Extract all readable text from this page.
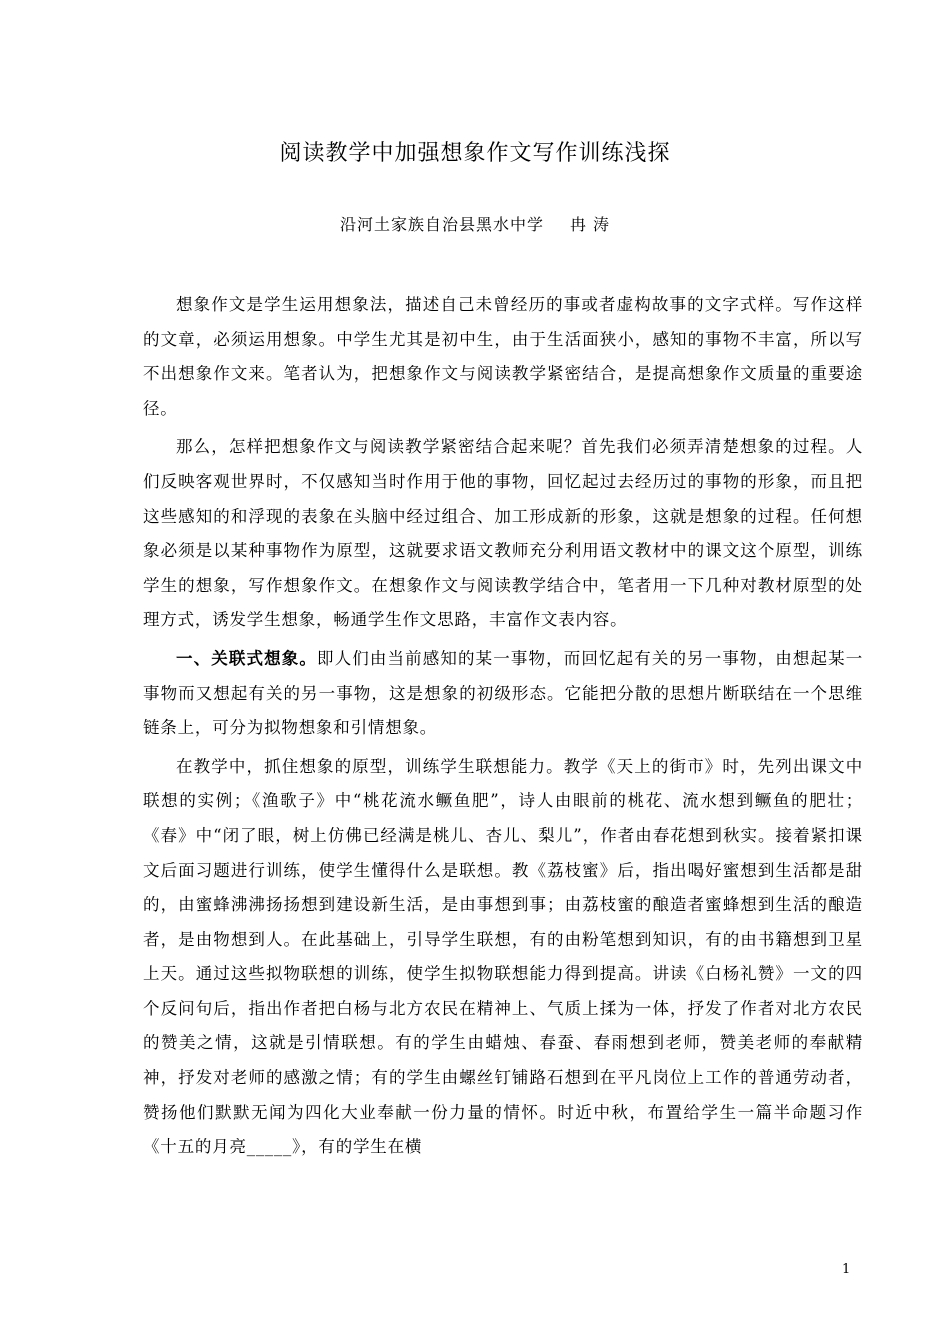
阅读教学中加强想象作文写作训练浅探
沿河土家族自治县黑水中学 冉 涛

想象作文是学生运用想象法，描述自己未曾经历的事或者虚构故事的文字式样。写作这样的文章，必须运用想象。中学生尤其是初中生，由于生活面狭小，感知的事物不丰富，所以写不出想象作文来。笔者认为，把想象作文与阅读教学紧密结合，是提高想象作文质量的重要途径。

那么，怎样把想象作文与阅读教学紧密结合起来呢？首先我们必须弄清楚想象的过程。人们反映客观世界时，不仅感知当时作用于他的事物，回忆起过去经历过的事物的形象，而且把这些感知的和浮现的表象在头脑中经过组合、加工形成新的形象，这就是想象的过程。任何想象必须是以某种事物作为原型，这就要求语文教师充分利用语文教材中的课文这个原型，训练学生的想象，写作想象作文。在想象作文与阅读教学结合中，笔者用一下几种对教材原型的处理方式，诱发学生想象，畅通学生作文思路，丰富作文表内容。

一、关联式想象。即人们由当前感知的某一事物，而回忆起有关的另一事物，由想起某一事物而又想起有关的另一事物，这是想象的初级形态。它能把分散的思想片断联结在一个思维链条上，可分为拟物想象和引情想象。

在教学中，抓住想象的原型，训练学生联想能力。教学《天上的街市》时，先列出课文中联想的实例；《渔歌子》中“桃花流水鳜鱼肥”，诗人由眼前的桃花、流水想到鳜鱼的肥壮；《春》中“闭了眼，树上仿佛已经满是桃儿、杏儿、梨儿”，作者由春花想到秋实。接着紧扣课文后面习题进行训练，使学生懂得什么是联想。教《荔枝蜜》后，指出喝好蜜想到生活都是甜的，由蜜蜂沸沸扬扬想到建设新生活，是由事想到事；由荔枝蜜的酿造者蜜蜂想到生活的酿造者，是由物想到人。在此基础上，引导学生联想，有的由粉笔想到知识，有的由书籍想到卫星上天。通过这些拟物联想的训练，使学生拟物联想能力得到提高。讲读《白杨礼赞》一文的四个反问句后，指出作者把白杨与北方农民在精神上、气质上揉为一体，抒发了作者对北方农民的赞美之情，这就是引情联想。有的学生由蜡烛、春蚕、春雨想到老师，赞美老师的奉献精神，抒发对老师的感激之情；有的学生由螺丝钉铺路石想到在平凡岗位上工作的普通劳动者，赞扬他们默默无闻为四化大业奉献一份力量的情怀。时近中秋，布置给学生一篇半命题习作《十五的月亮_____》，有的学生在横

1
